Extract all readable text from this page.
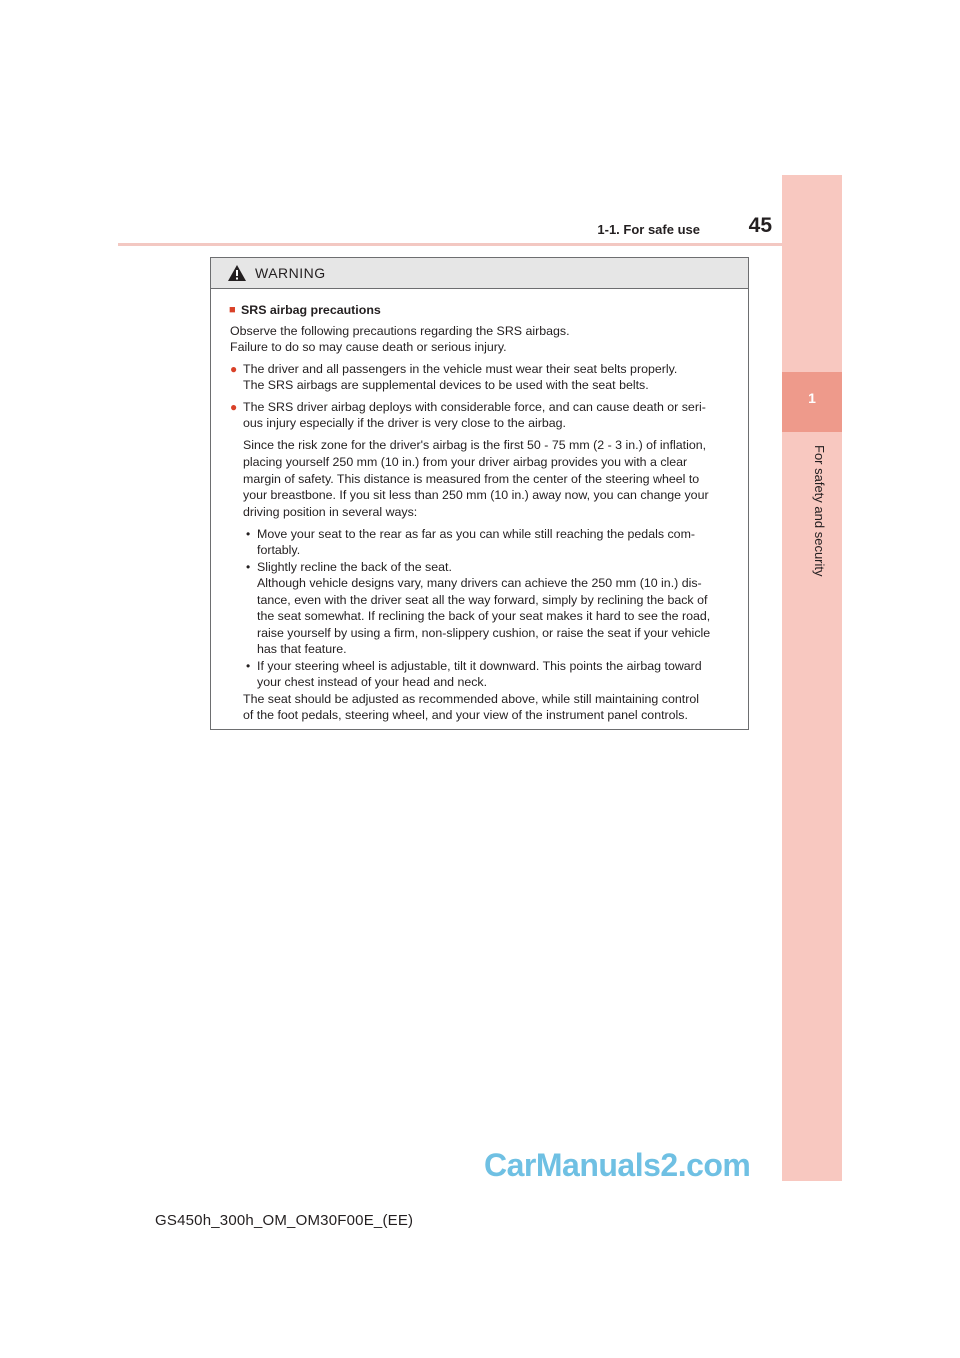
1-1. For safe use	45
1
For safety and security
WARNING
■ SRS airbag precautions
Observe the following precautions regarding the SRS airbags.
Failure to do so may cause death or serious injury.
● The driver and all passengers in the vehicle must wear their seat belts properly.
The SRS airbags are supplemental devices to be used with the seat belts.
● The SRS driver airbag deploys with considerable force, and can cause death or seri-
ous injury especially if the driver is very close to the airbag.
Since the risk zone for the driver's airbag is the first 50 - 75 mm (2 - 3 in.) of inflation,
placing yourself 250 mm (10 in.) from your driver airbag provides you with a clear
margin of safety. This distance is measured from the center of the steering wheel to
your breastbone. If you sit less than 250 mm (10 in.) away now, you can change your
driving position in several ways:
• Move your seat to the rear as far as you can while still reaching the pedals com-
fortably.
• Slightly recline the back of the seat.
Although vehicle designs vary, many drivers can achieve the 250 mm (10 in.) dis-
tance, even with the driver seat all the way forward, simply by reclining the back of
the seat somewhat. If reclining the back of your seat makes it hard to see the road,
raise yourself by using a firm, non-slippery cushion, or raise the seat if your vehicle
has that feature.
• If your steering wheel is adjustable, tilt it downward. This points the airbag toward
your chest instead of your head and neck.
The seat should be adjusted as recommended above, while still maintaining control
of the foot pedals, steering wheel, and your view of the instrument panel controls.
CarManuals2.com
GS450h_300h_OM_OM30F00E_(EE)
